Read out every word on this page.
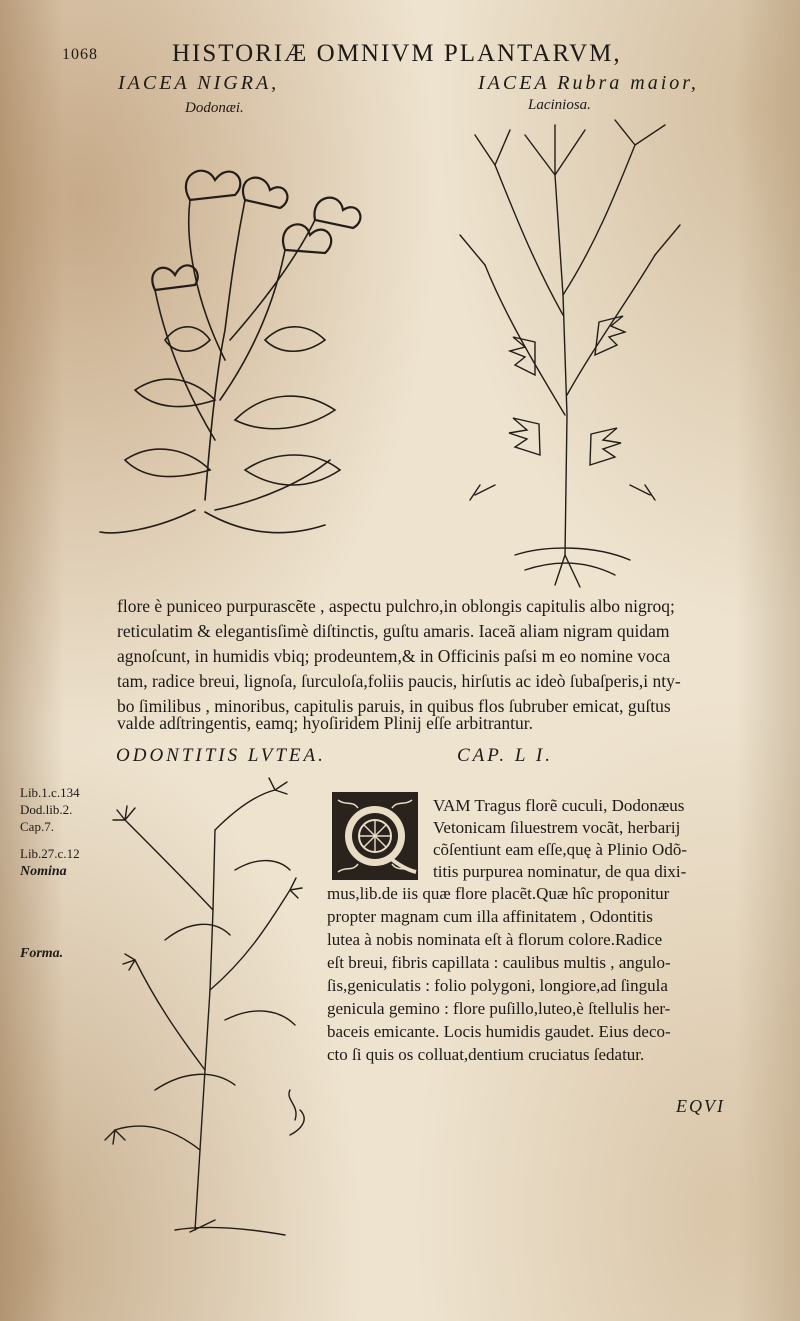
1068	HISTORIÆ OMNIVM PLANTARVM,
IACEA NIGRA,
Dodonæi.
IACEA Rubra maior,
Laciniosa.
flore è puniceo purpurascẽte , aspectu pulchro,in oblongis capitulis albo nigroq;
reticulatim & elegantisſimè diſtinctis, guſtu amaris. Iaceã aliam nigram quidam
agnoſcunt, in humidis vbiq; prodeuntem,& in Officinis paſsi m eo nomine voca
tam, radice breui, lignoſa, ſurculoſa,foliis paucis, hirſutis ac ideò ſubaſperis,i nty-
bo ſimilibus , minoribus, capitulis paruis, in quibus flos ſubruber emicat, guſtus
valde adſtringentis, eamq; hyoſiridem Plinij eſſe arbitrantur.
ODONTITIS LVTEA.	CAP. L I.
Lib.1.c.134
Dod.lib.2.
Cap.7.
Lib.27.c.12
Nomina
Forma.
VAM Tragus florẽ cuculi, Dodonæus
Vetonicam ſiluestrem vocãt, herbarij
cõſentiunt eam eſſe,quę à Plinio Odõ-
titis purpurea nominatur, de qua dixi-
mus,lib.de iis quæ flore placẽt.Quæ hîc proponitur
propter magnam cum illa affinitatem , Odontitis
lutea à nobis nominata eſt à florum colore.Radice
eſt breui, fibris capillata : caulibus multis , angulo-
ſis,geniculatis : folio polygoni, longiore,ad ſingula
genicula gemino : flore puſillo,luteo,è ſtellulis her-
baceis emicante. Locis humidis gaudet. Eius deco-
cto ſi quis os colluat,dentium cruciatus ſedatur.
EQVI
